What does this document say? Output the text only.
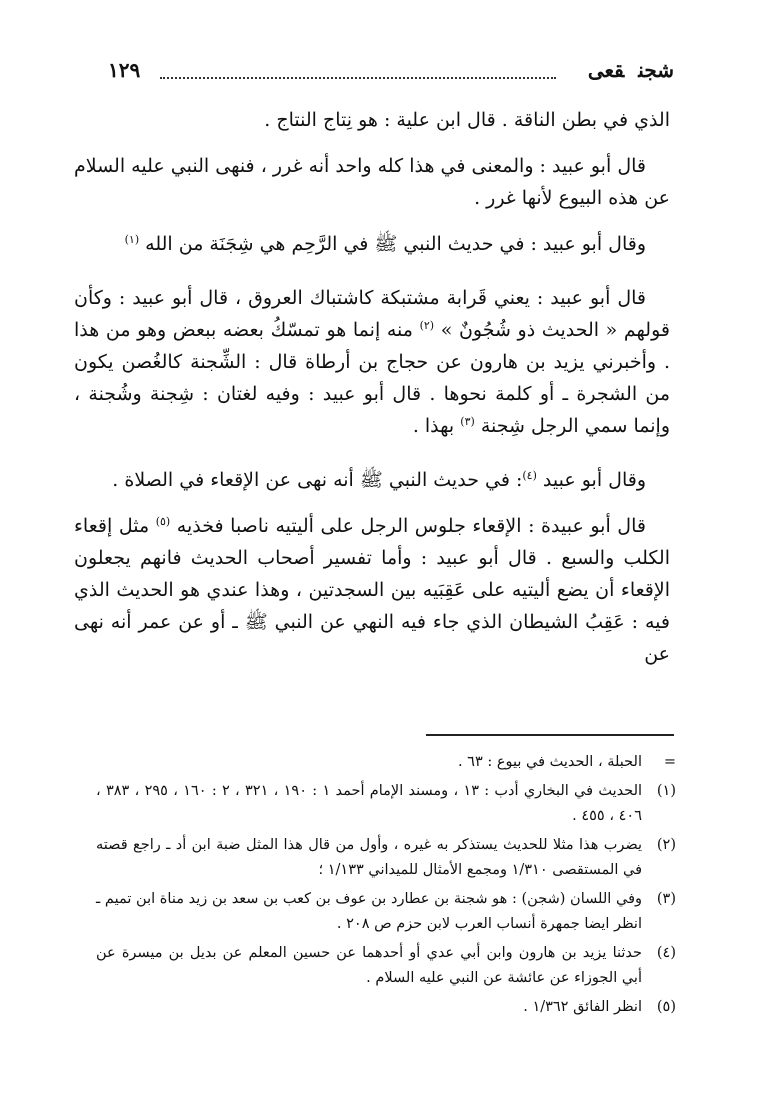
شجنقعى
١٢٩

الذي في بطن الناقة . قال ابن علية : هو نِتاج النتاج .

قال أبو عبيد : والمعنى في هذا كله واحد أنه غرر ، فنهى النبي عليه السلام عن هذه البيوع لأنها غرر .

وقال أبو عبيد : في حديث النبي ﷺ في الرَّحِم هي شِجَنَة من الله $^{(١)}$

قال أبو عبيد : يعني قَرابة مشتبكة كاشتباك العروق ، قال أبو عبيد : وكأن قولهم « الحديث ذو شُجُونٌ » $^{(٢)}$ منه إنما هو تمسّكُ بعضه ببعض وهو من هذا . وأخبرني يزيد بن هارون عن حجاج بن أرطاة قال : الشِّجنة كالغُصن يكون من الشجرة ـ أو كلمة نحوها . قال أبو عبيد : وفيه لغتان : شِجنة وشُجنة ، وإنما سمي الرجل شِجنة $^{(٣)}$ بهذا .

وقال أبو عبيد $^{(٤)}$: في حديث النبي ﷺ أنه نهى عن الإقعاء في الصلاة .

قال أبو عبيدة : الإقعاء جلوس الرجل على أليتيه ناصبا فخذيه $^{(٥)}$ مثل إقعاء الكلب والسبع . قال أبو عبيد : وأما تفسير أصحاب الحديث فانهم يجعلون الإقعاء أن يضع أليتيه على عَقِبَيه بين السجدتين ، وهذا عندي هو الحديث الذي فيه : عَقِبُ الشيطان الذي جاء فيه النهي عن النبي ﷺ ـ أو عن عمر أنه نهى عن

=
الحبلة ، الحديث في بيوع : ٦٣ .

(١)
الحديث في البخاري أدب : ١٣ ، ومسند الإمام أحمد ١ : ١٩٠ ، ٣٢١ ، ٢ : ١٦٠ ، ٢٩٥ ، ٣٨٣ ، ٤٠٦ ، ٤٥٥ .

(٢)
يضرب هذا مثلا للحديث يستذكر به غيره ، وأول من قال هذا المثل ضبة ابن أد ـ راجع قصته في المستقصى ١/٣١٠ ومجمع الأمثال للميداني ١/١٣٣ ؛

(٣)
وفي اللسان (شجن) : هو شجنة بن عطارد بن عوف بن كعب بن سعد بن زيد مناة ابن تميم ـ انظر ايضا جمهرة أنساب العرب لابن حزم ص ٢٠٨ .

(٤)
حدثنا يزيد بن هارون وابن أبي عدي أو أحدهما عن حسين المعلم عن بديل بن ميسرة عن أبي الجوزاء عن عائشة عن النبي عليه السلام .

(٥)
انظر الفائق ١/٣٦٢ .
